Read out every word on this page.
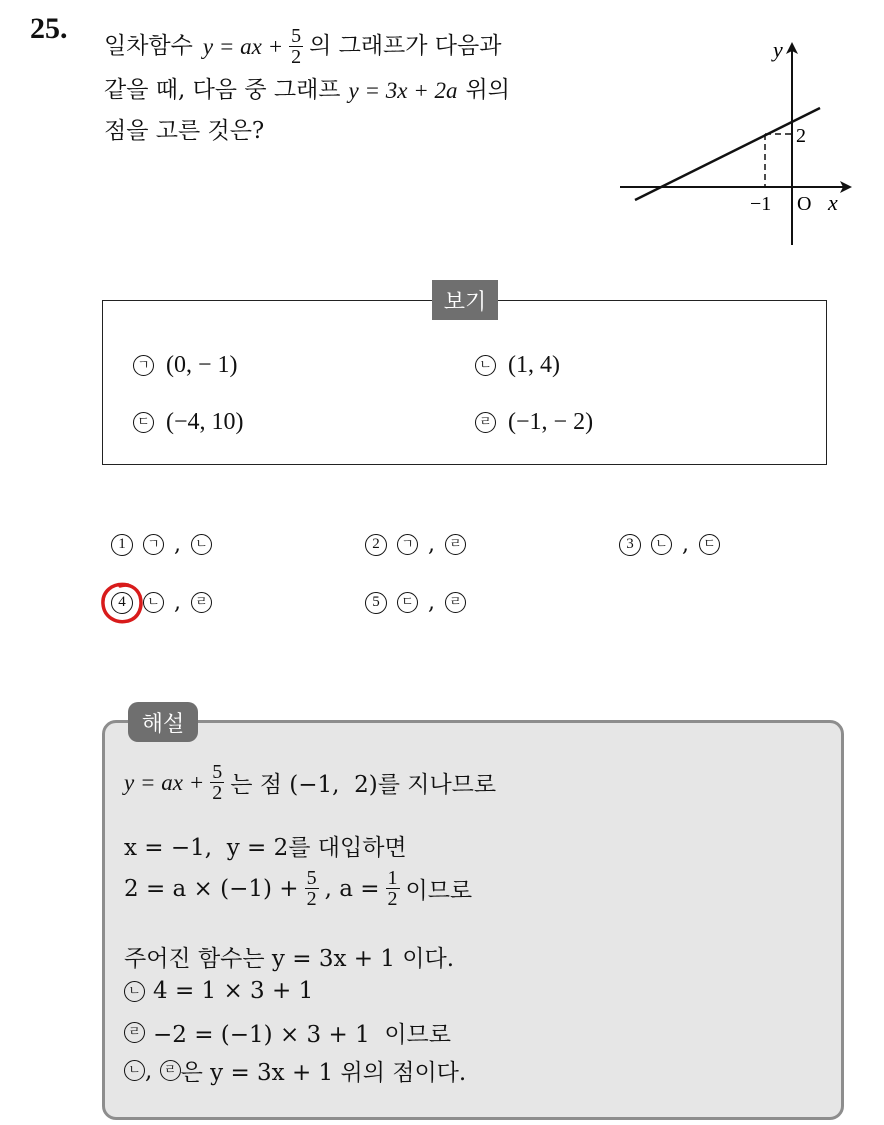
25.
일차함수 y = ax + $\frac{5}{2}$ 의 그래프가 다음과
같을 때, 다음 중 그래프 y = 3x + 2a 위의
점을 고른 것은?
y
x
O
−1
2
보기
ㄱ (0, − 1)	ㄴ (1, 4)
ㄷ (−4, 10)	ㄹ (−1, − 2)
1	ㄱ ,	ㄴ	2	ㄱ ,	ㄹ	3	ㄴ ,	ㄷ
4	ㄴ ,	ㄹ	5	ㄷ ,	ㄹ
해설
y = ax + $\frac{5}{2}$ 는 점 (−1,  2)를 지나므로
x = −1,  y = 2를 대입하면
$2 = a \times (-1) + \frac{5}{2}$ , $a = \frac{1}{2}$ 이므로
주어진 함수는 y = 3x + 1 이다.
ㄴ 4 = 1 × 3 + 1
ㄹ −2 = (−1) × 3 + 1  이므로
ㄴ , ㄹ 은 y = 3x + 1 위의 점이다.
